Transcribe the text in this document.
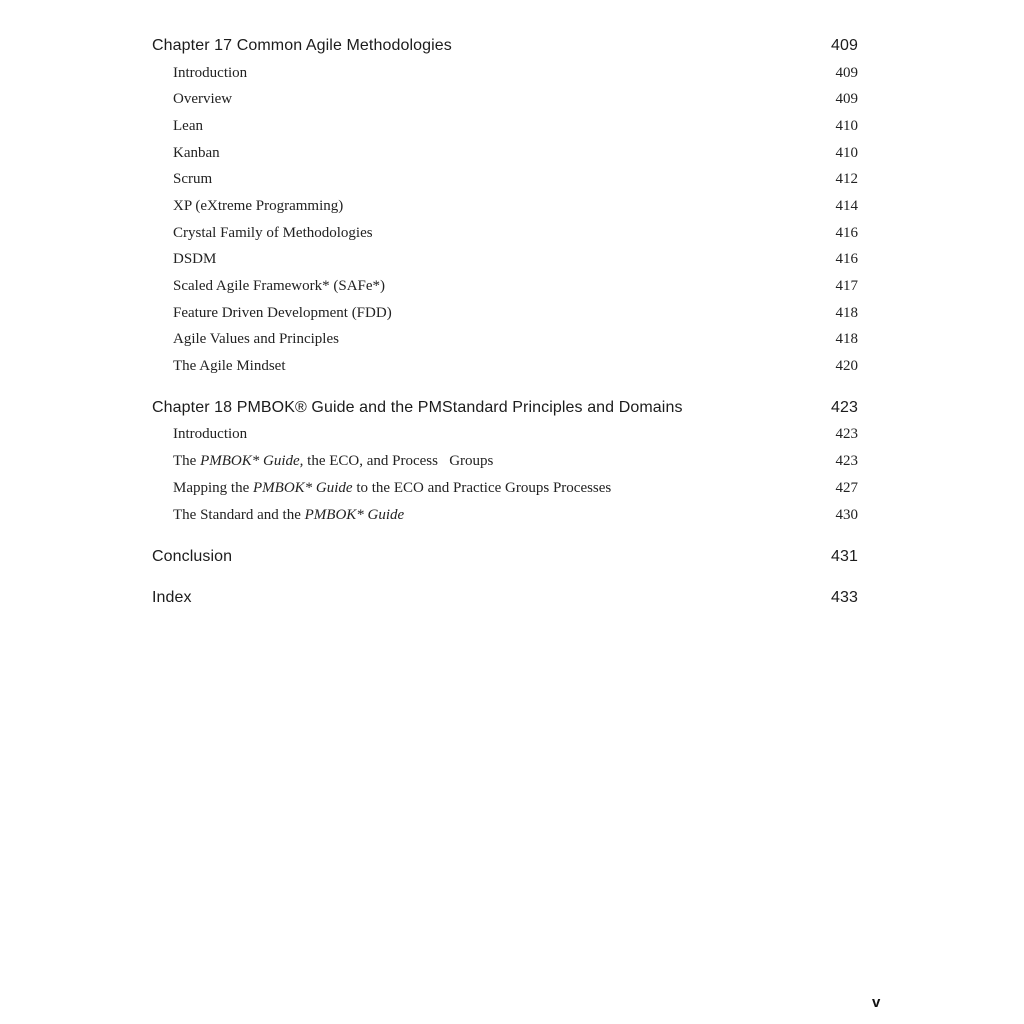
Chapter 17 Common Agile Methodologies	409
Introduction	409
Overview	409
Lean	410
Kanban	410
Scrum	412
XP (eXtreme Programming)	414
Crystal Family of Methodologies	416
DSDM	416
Scaled Agile Framework* (SAFe*)	417
Feature Driven Development (FDD)	418
Agile Values and Principles	418
The Agile Mindset	420
Chapter 18 PMBOK® Guide and the PMStandard Principles and Domains	423
Introduction	423
The PMBOK* Guide, the ECO, and Process   Groups	423
Mapping the PMBOK* Guide to the ECO and Practice Groups Processes	427
The Standard and the PMBOK* Guide	430
Conclusion	431
Index	433
v
